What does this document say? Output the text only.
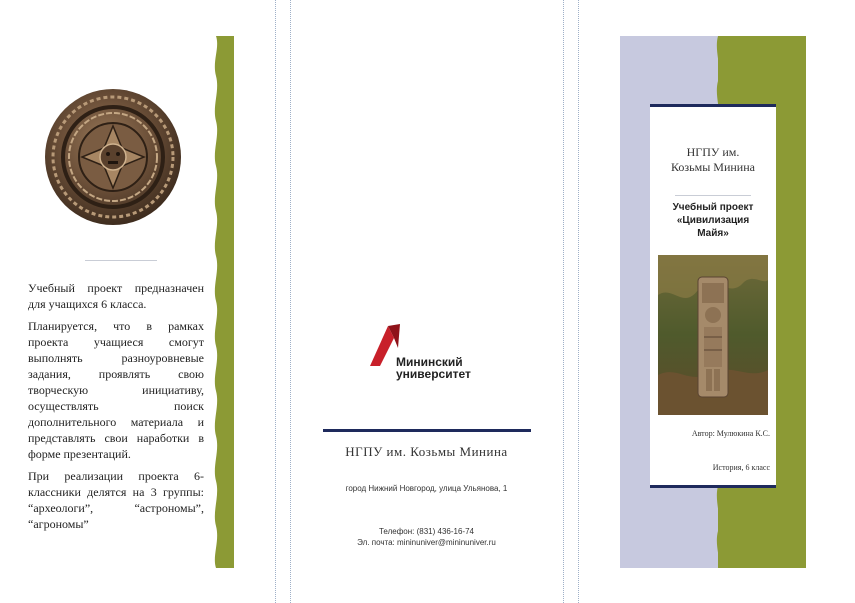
Учебный проект предназначен для учащихся 6 класса.

Планируется, что в рамках проекта учащиеся смогут выполнять разноуровневые задания, проявлять свою творческую инициативу, осуществлять поиск дополнительного материала и представлять свои наработки в форме презентаций.

При реализации проекта 6-классники делятся на 3 группы: “археологи”, “астрономы”, “агрономы”

Мининский
университет
НГПУ им. Козьмы Минина
город Нижний Новгород, улица Ульянова, 1
Телефон: (831) 436-16-74
Эл. почта: mininuniver@mininuniver.ru
НГПУ им.
Козьмы Минина
Учебный проект
«Цивилизация
Майя»
Автор: Мулюкина К.С.
История, 6 класс
